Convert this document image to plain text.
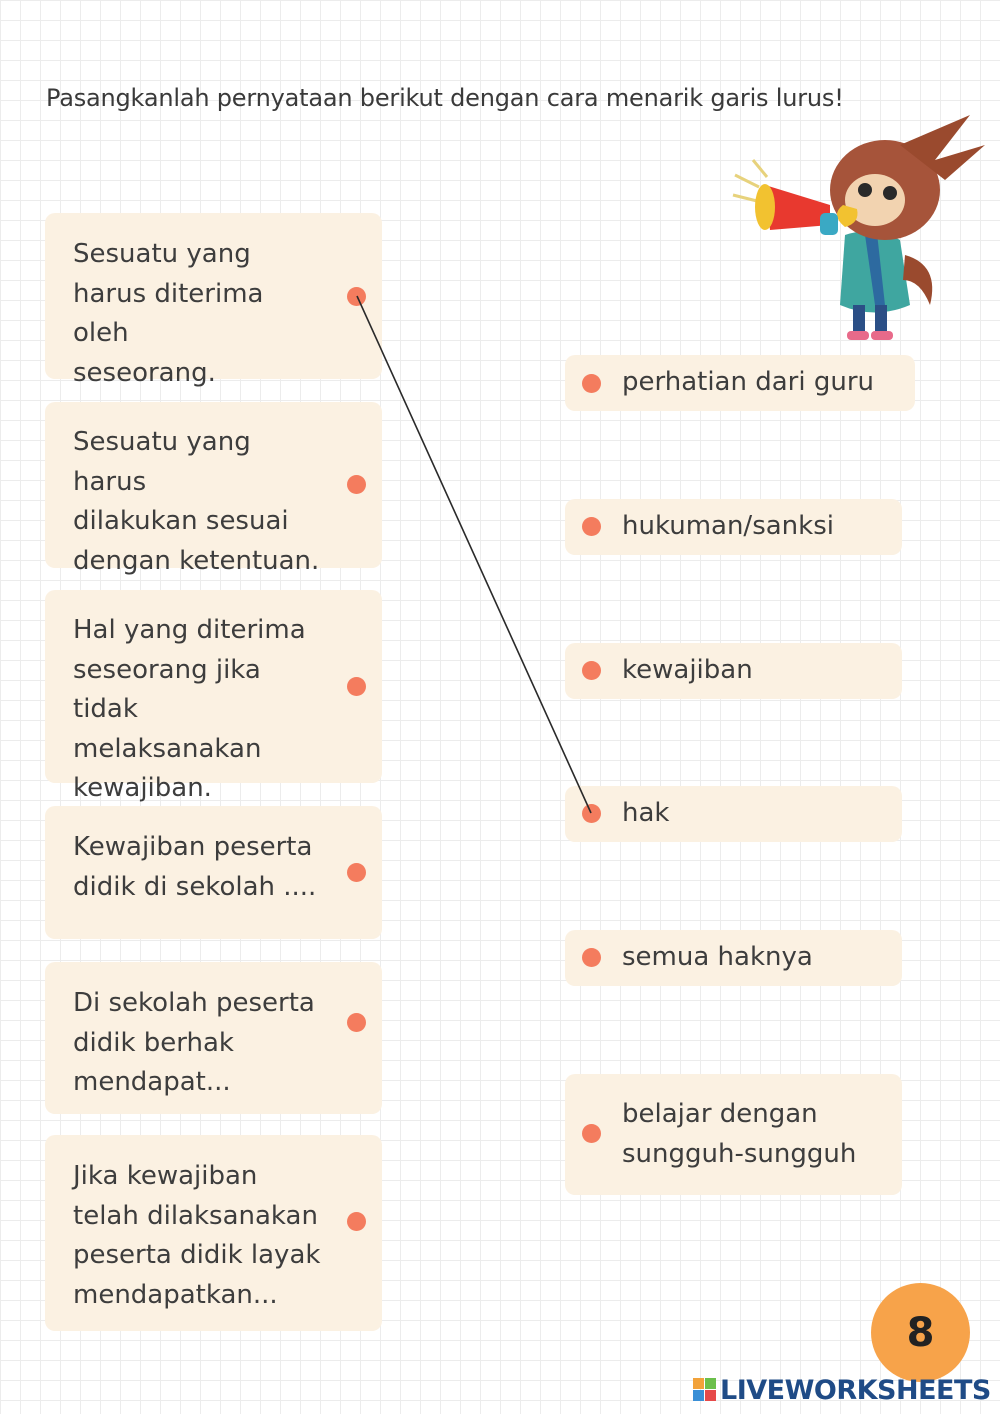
Pasangkanlah pernyataan berikut dengan cara menarik garis lurus!
Sesuatu yang
harus diterima oleh
seseorang.
Sesuatu yang harus
dilakukan sesuai
dengan ketentuan.
Hal yang diterima
seseorang jika tidak
melaksanakan
kewajiban.
Kewajiban peserta
didik di sekolah ....
Di sekolah peserta
didik berhak
mendapat...
Jika kewajiban
telah dilaksanakan
peserta didik layak
mendapatkan...
perhatian dari guru
hukuman/sanksi
kewajiban
hak
semua haknya
belajar dengan
sungguh-sungguh
8
LIVEWORKSHEETS
